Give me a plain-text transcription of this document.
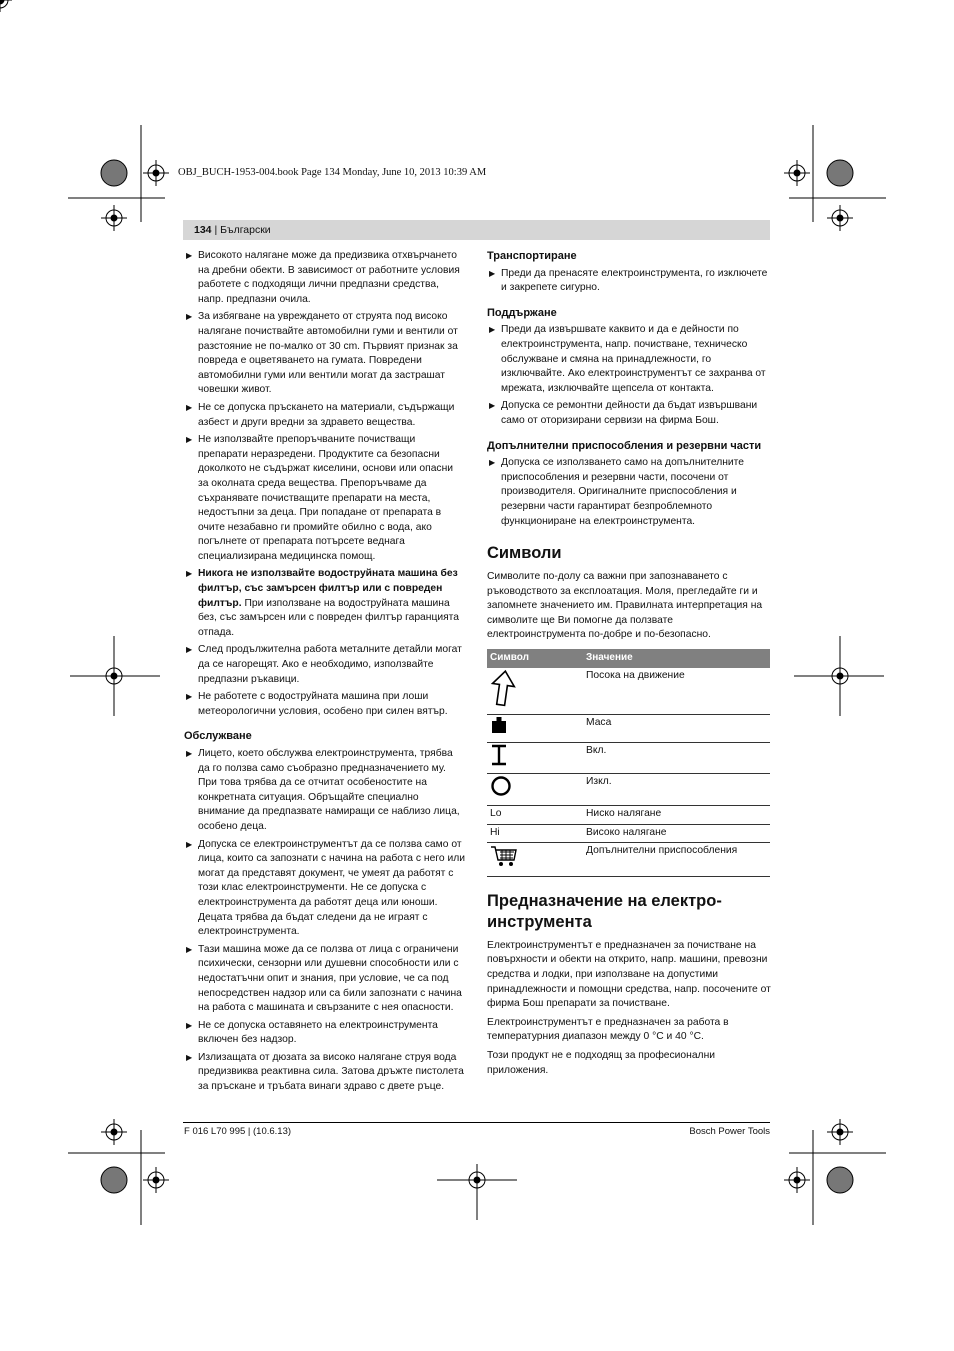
OBJ_BUCH-1953-004.book Page 134 Monday, June 10, 2013 10:39 AM
134 | Български
▶ Високото налягане може да предизвика отхвърчането на дребни обекти. В зависимост от работните условия работете с подходящи лични предпазни средства, напр. предпазни очила.
▶ За избягване на увреждането от струята под високо налягане почиствайте автомобилни гуми и вентили от разстояние не по-малко от 30 cm. Първият признак за повреда е оцветяването на гумата. Повредени автомобилни гуми или вентили могат да застрашат човешки живот.
▶ Не се допуска пръскането на материали, съдържащи азбест и други вредни за здравето вещества.
▶ Не използвайте препоръчваните почистващи препарати неразредени. Продуктите са безопасни доколкото не съдържат киселини, основи или опасни за околната среда вещества. Препоръчваме да съхранявате почистващите препарати на места, недостъпни за деца. При попадане от препарата в очите незабавно ги промийте обилно с вода, ако погълнете от препарата потърсете веднага специализирана медицинска помощ.
▶ Никога не използвайте водоструйната машина без филтър, със замърсен филтър или с повреден филтър. При използване на водоструйната машина без, със замърсен или с повреден филтър гаранцията отпада.
▶ След продължителна работа металните детайли могат да се нагорещят. Ако е необходимо, използвайте предпазни ръкавици.
▶ Не работете с водоструйната машина при лоши метеорологични условия, особено при силен вятър.
Обслужване
▶ Лицето, което обслужва електроинструмента, трябва да го ползва само съобразно предназначението му. При това трябва да се отчитат особеностите на конкретната ситуация. Обръщайте специално внимание да предпазвате намиращи се наблизо лица, особено деца.
▶ Допуска се електроинструментът да се ползва само от лица, които са запознати с начина на работа с него или могат да представят документ, че умеят да работят с този клас електроинструменти. Не се допуска с електроинструмента да работят деца или юноши. Децата трябва да бъдат следени да не играят с електроинструмента.
▶ Тази машина може да се ползва от лица с ограничени психически, сензорни или душевни способности или с недостатъчни опит и знания, при условие, че са под непосредствен надзор или са били запознати с начина на работа с машината и свързаните с нея опасности.
▶ Не се допуска оставянето на електроинструмента включен без надзор.
▶ Излизащата от дюзата за високо налягане струя вода предизвиква реактивна сила. Затова дръжте пистолета за пръскане и тръбата винаги здраво с двете ръце.
Транспортиране
▶ Преди да пренасяте електроинструмента, го изключете и закрепете сигурно.
Поддържане
▶ Преди да извършвате каквито и да е дейности по електроинструмента, напр. почистване, техническо обслужване и смяна на принадлежности, го изключвайте. Ако електроинструментът се захранва от мрежата, изключвайте щепсела от контакта.
▶ Допуска се ремонтни дейности да бъдат извършвани само от оторизирани сервизи на фирма Бош.
Допълнителни приспособления и резервни части
▶ Допуска се използването само на допълнителните приспособления и резервни части, посочени от производителя. Оригиналните приспособления и резервни части гарантират безпроблемното функциониране на електроинструмента.
Символи
Символите по-долу са важни при запознаването с ръководството за експлоатация. Моля, прегледайте ги и запомнете значението им. Правилната интерпретация на символите ще Ви помогне да ползвате електроинструмента по-добре и по-безопасно.
Символ	Значение
	Посока на движение
	Маса
	Вкл.
	Изкл.
Lo	Ниско налягане
Hi	Високо налягане
	Допълнителни приспособления
Предназначение на електро- инструмента
Електроинструментът е предназначен за почистване на повърхности и обекти на открито, напр. машини, превозни средства и лодки, при използване на допустими принадлежности и помощни средства, напр. посочените от фирма Бош препарати за почистване.
Електроинструментът е предназначен за работа в температурния диапазон между 0 °C и 40 °C.
Този продукт не е подходящ за професионални приложения.
F 016 L70 995 | (10.6.13)	Bosch Power Tools
